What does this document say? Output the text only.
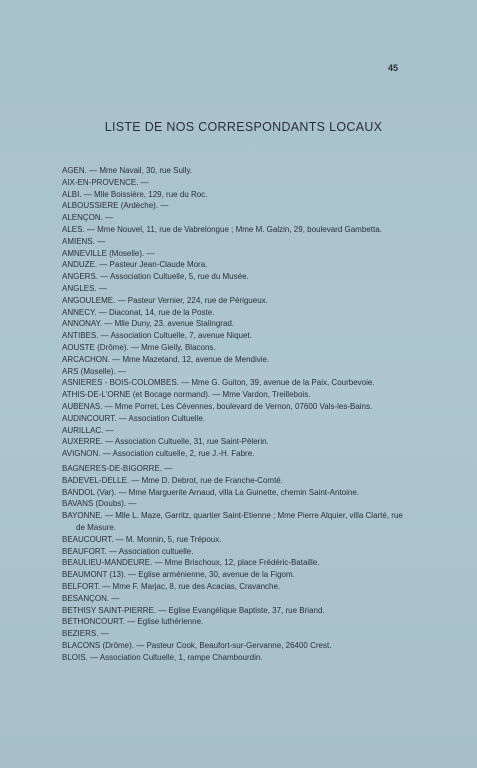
45
LISTE DE NOS CORRESPONDANTS LOCAUX

AGEN. — Mme Navail, 30, rue Sully.

AIX-EN-PROVENCE. —

ALBI. — Mlle Boissière, 129, rue du Roc.

ALBOUSSIERE (Ardèche). —

ALENÇON. —

ALES. — Mme Nouvel, 11, rue de Vabrelongue ; Mme M. Galzin, 29, boulevard Gambetta.

AMIENS. —

AMNEVILLE (Moselle). —

ANDUZE. — Pasteur Jean-Claude Mora.

ANGERS. — Association Cultuelle, 5, rue du Musée.

ANGLES. —

ANGOULEME. — Pasteur Vernier, 224, rue de Périgueux.

ANNECY. — Diaconat, 14, rue de la Poste.

ANNONAY. — Mlle Duny, 23, avenue Stalingrad.

ANTIBES. — Association Cultuelle, 7, avenue Niquet.

AOUSTE (Drôme). — Mme Gielly, Blacons.

ARCACHON. — Mme Mazetand, 12, avenue de Mendivie.

ARS (Moselle). —

ASNIERES - BOIS-COLOMBES. — Mme G. Guiton, 39, avenue de la Paix, Courbevoie.

ATHIS-DE-L'ORNE (et Bocage normand). — Mme Vardon, Treillebois.

AUBENAS. — Mme Porret, Les Cévennes, boulevard de Vernon, 07600 Vals-les-Bains.

AUDINCOURT. — Association Cultuelle.

AURILLAC. —

AUXERRE. — Association Cultuelle, 31, rue Saint-Pèlerin.

AVIGNON. — Association cultuelle, 2, rue J.-H. Fabre.

BAGNERES-DE-BIGORRE. —

BADEVEL-DELLE. — Mme D. Debrot, rue de Franche-Comté.

BANDOL (Var). — Mme Marguerite Arnaud, villa La Guinette, chemin Saint-Antoine.

BAVANS (Doubs). —

BAYONNE. — Mlle L. Maze, Garritz, quartier Saint-Etienne ; Mme Pierre Alquier, villa Clarté, rue de Masure.

BEAUCOURT. — M. Monnin, 5, rue Trépoux.

BEAUFORT. — Association cultuelle.

BEAULIEU-MANDEURE. — Mme Brischoux, 12, place Frédéric-Bataille.

BEAUMONT (13). — Eglise arménienne, 30, avenue de la Figom.

BELFORT. — Mme F. Marjac, 8, rue des Acacias, Cravanche.

BESANÇON. —

BETHISY SAINT-PIERRE. — Eglise Evangélique Baptiste, 37, rue Briand.

BETHONCOURT. — Eglise luthérienne.

BEZIERS. —

BLACONS (Drôme). — Pasteur Cook, Beaufort-sur-Gervanne, 26400 Crest.

BLOIS. — Association Cultuelle, 1, rampe Chambourdin.
